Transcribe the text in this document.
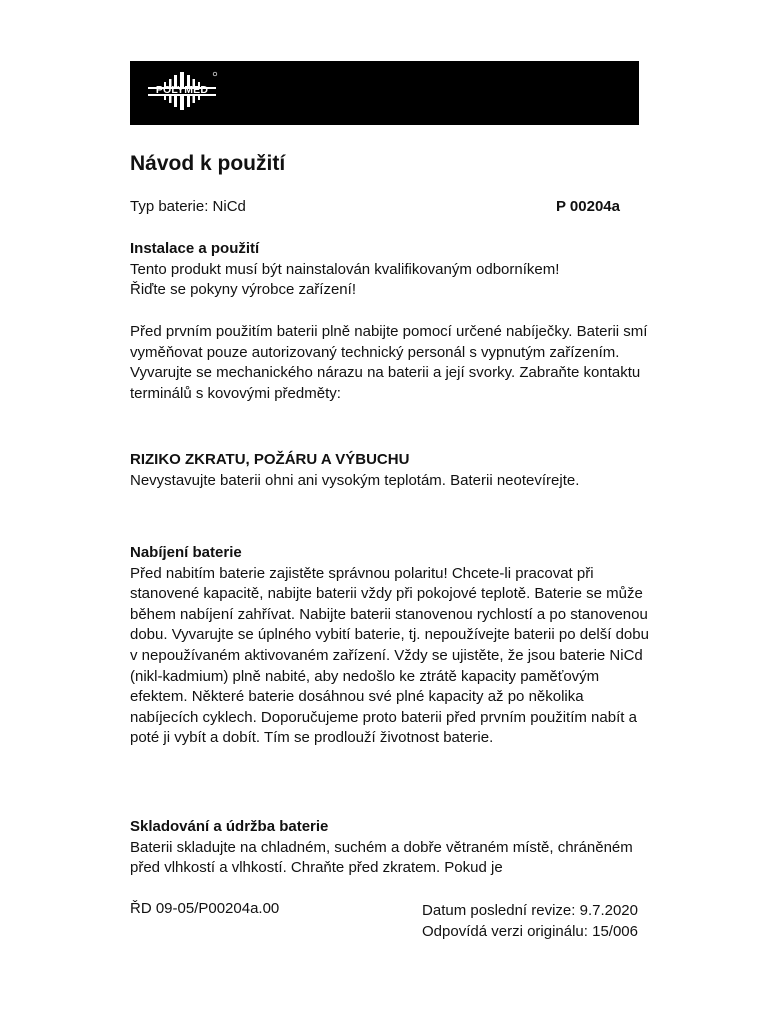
POLYMED
Návod k použití
Typ baterie: NiCd	P 00204a

Instalace a použití

Tento produkt musí být nainstalován kvalifikovaným odborníkem!

Řiďte se pokyny výrobce zařízení!

Před prvním použitím baterii plně nabijte pomocí určené nabíječky. Baterii smí vyměňovat pouze autorizovaný technický personál s vypnutým zařízením.

Vyvarujte se mechanického nárazu na baterii a její svorky. Zabraňte kontaktu terminálů s kovovými předměty:

RIZIKO ZKRATU, POŽÁRU A VÝBUCHU

Nevystavujte baterii ohni ani vysokým teplotám. Baterii neotevírejte.

Nabíjení baterie

Před nabitím baterie zajistěte správnou polaritu! Chcete-li pracovat při stanovené kapacitě, nabijte baterii vždy při pokojové teplotě. Baterie se může během nabíjení zahřívat. Nabijte baterii stanovenou rychlostí a po stanovenou dobu. Vyvarujte se úplného vybití baterie, tj. nepoužívejte baterii po delší dobu v nepoužívaném aktivovaném zařízení. Vždy se ujistěte, že jsou baterie NiCd (nikl-kadmium) plně nabité, aby nedošlo ke ztrátě kapacity paměťovým efektem. Některé baterie dosáhnou své plné kapacity až po několika nabíjecích cyklech. Doporučujeme proto baterii před prvním použitím nabít a poté ji vybít a dobít. Tím se prodlouží životnost baterie.

Skladování a údržba baterie

Baterii skladujte na chladném, suchém a dobře větraném místě, chráněném před vlhkostí a vlhkostí. Chraňte před zkratem. Pokud je

ŘD 09-05/P00204a.00	Datum poslední revize: 9.7.2020
Odpovídá verzi originálu: 15/006
